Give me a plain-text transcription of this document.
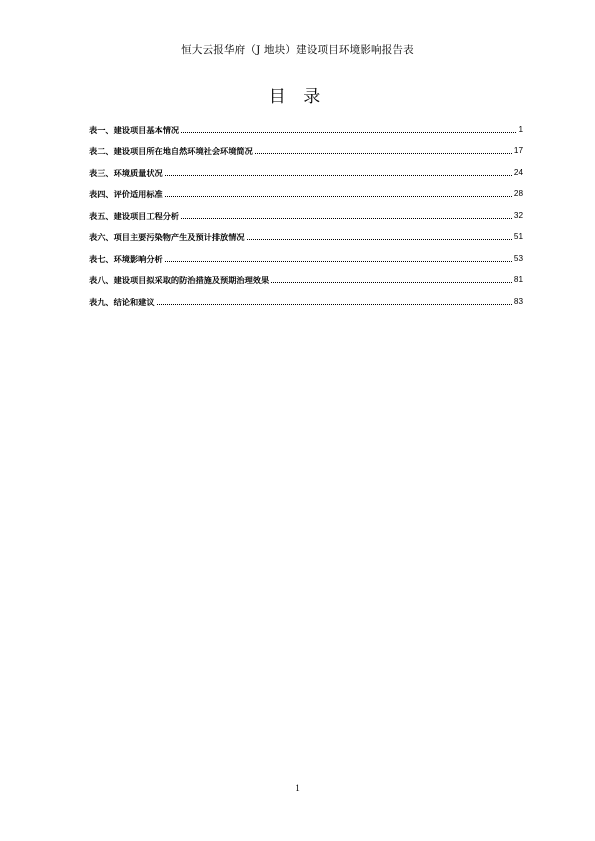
恒大云报华府（J 地块）建设项目环境影响报告表
目 录
表一、建设项目基本情况	1
表二、建设项目所在地自然环境社会环境简况	17
表三、环境质量状况	24
表四、评价适用标准	28
表五、建设项目工程分析	32
表六、项目主要污染物产生及预计排放情况	51
表七、环境影响分析	53
表八、建设项目拟采取的防治措施及预期治理效果	81
表九、结论和建议	83
1
